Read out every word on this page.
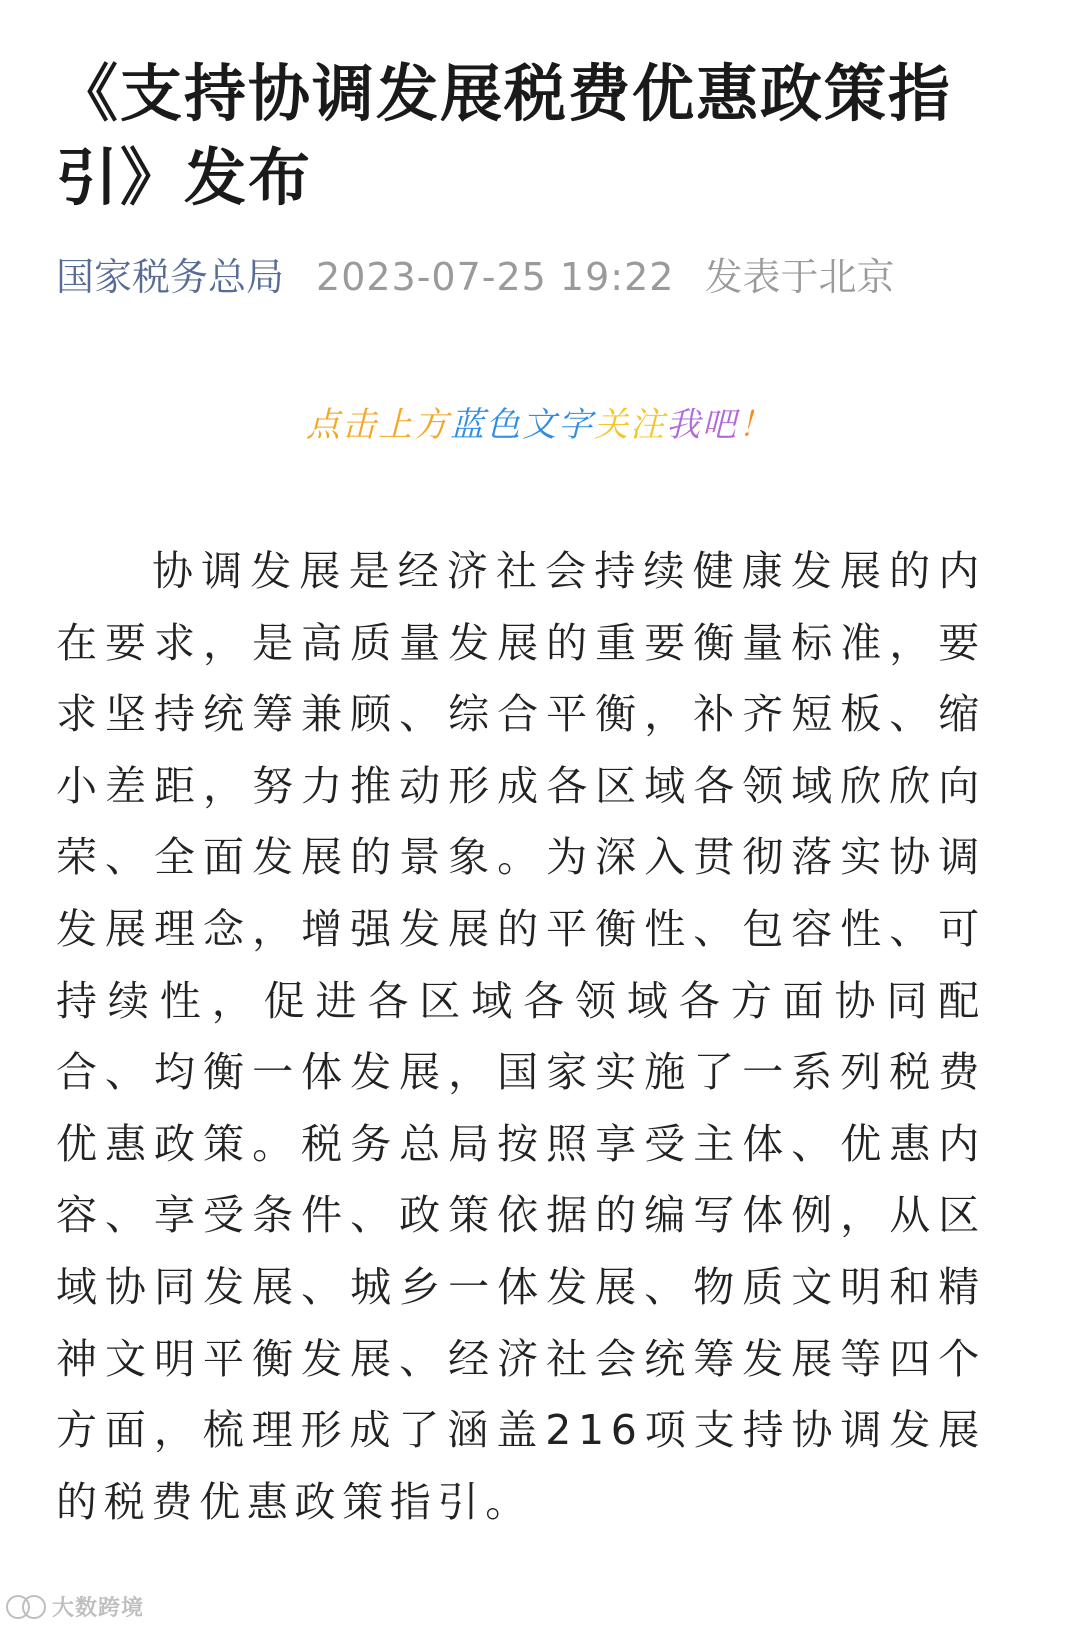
《支持协调发展税费优惠政策指引》发布
国家税务总局 2023-07-25 19:22 发表于北京
点击上方蓝色文字关注我吧！

协调发展是经济社会持续健康发展的内在要求，是高质量发展的重要衡量标准，要求坚持统筹兼顾、综合平衡，补齐短板、缩小差距，努力推动形成各区域各领域欣欣向荣、全面发展的景象。为深入贯彻落实协调发展理念，增强发展的平衡性、包容性、可持续性，促进各区域各领域各方面协同配合、均衡一体发展，国家实施了一系列税费优惠政策。税务总局按照享受主体、优惠内容、享受条件、政策依据的编写体例，从区域协同发展、城乡一体发展、物质文明和精神文明平衡发展、经济社会统筹发展等四个方面，梳理形成了涵盖216项支持协调发展的税费优惠政策指引。

大数跨境
